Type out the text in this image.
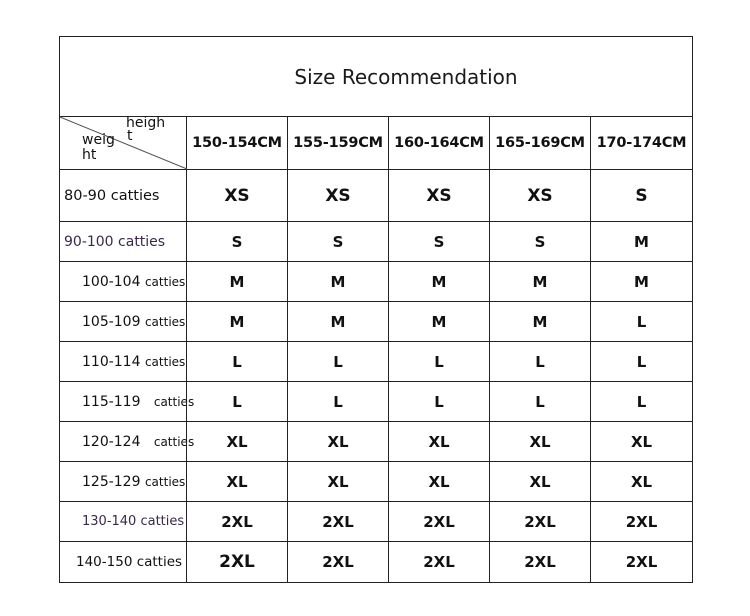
Size Recommendation					

heigh
t
weig
ht	150-154CM	155-159CM	160-164CM	165-169CM	170-174CM
80-90 catties	XS	XS	XS	XS	S
90-100 catties	S	S	S	S	M
100-104 catties	M	M	M	M	M
105-109 catties	M	M	M	M	L
110-114 catties	L	L	L	L	L
115-119 catties	L	L	L	L	L
120-124 catties	XL	XL	XL	XL	XL
125-129 catties	XL	XL	XL	XL	XL
130-140 catties	2XL	2XL	2XL	2XL	2XL
140-150 catties	2XL	2XL	2XL	2XL	2XL
